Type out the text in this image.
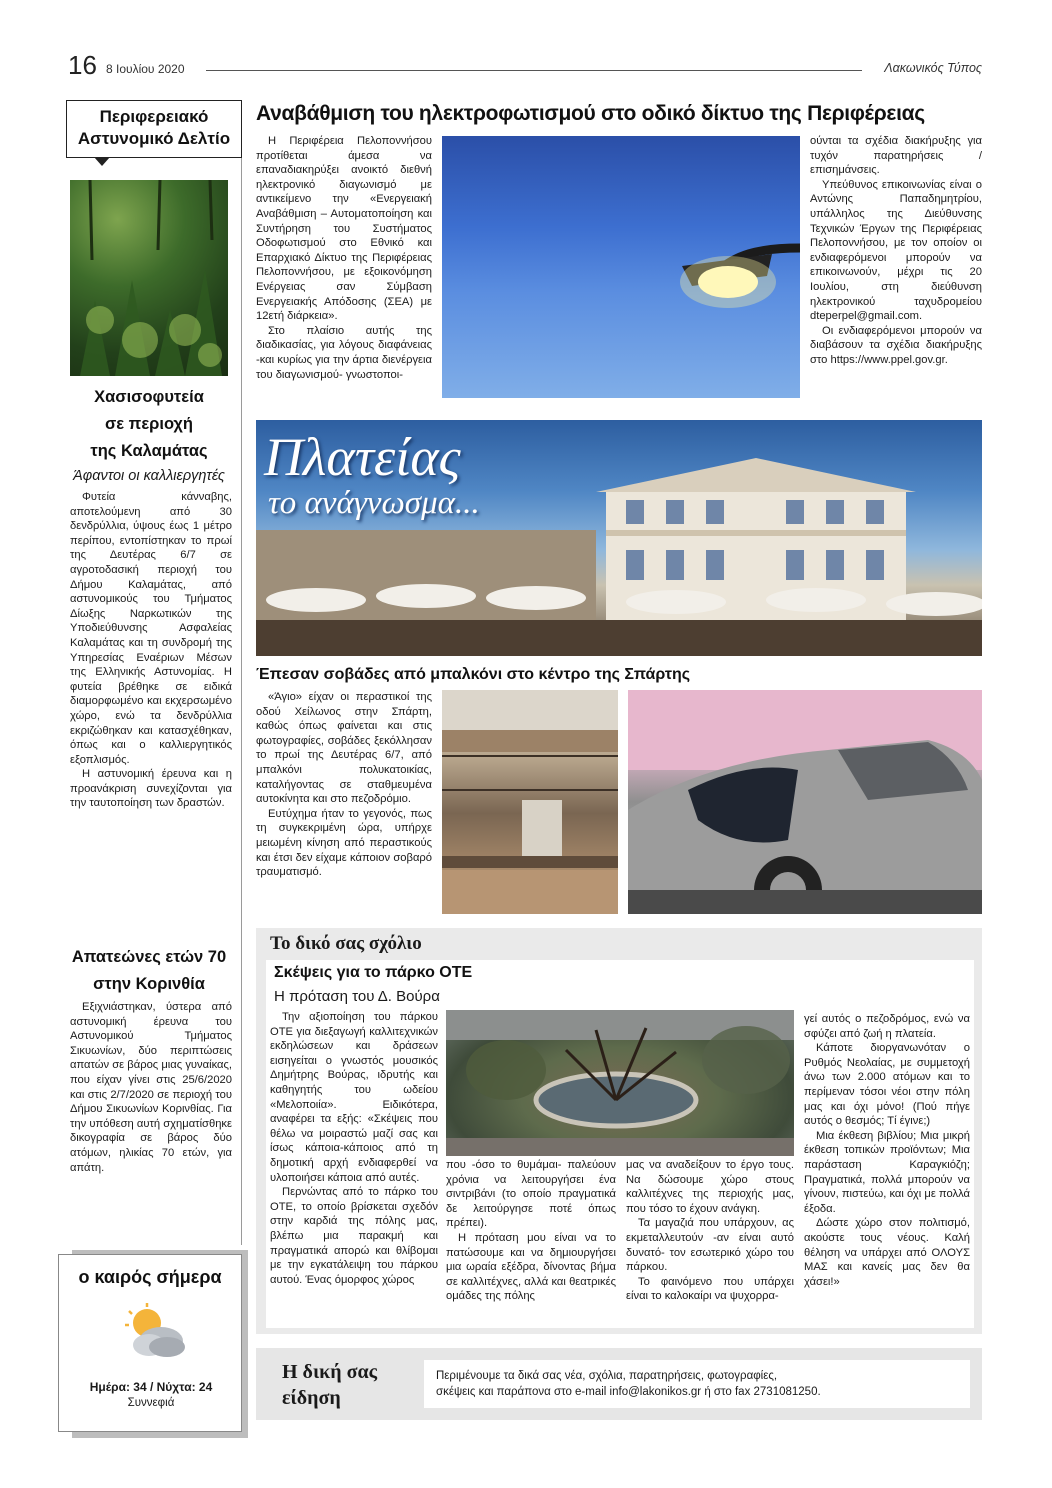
16 8 Ιουλίου 2020	Λακωνικός Τύπος
Περιφερειακό
Αστυνομικό Δελτίο
Χασισοφυτεία
σε περιοχή
της Καλαμάτας
Άφαντοι οι καλλιεργητές

Φυτεία κάνναβης, αποτελούμενη από 30 δενδρύλλια, ύψους έως 1 μέτρο περίπου, εντοπίστηκαν το πρωί της Δευτέρας 6/7 σε αγροτοδασική περιοχή του Δήμου Καλαμάτας, από αστυνομικούς του Τμήματος Δίωξης Ναρκωτικών της Υποδιεύθυνσης Ασφαλείας Καλαμάτας και τη συνδρομή της Υπηρεσίας Εναέριων Μέσων της Ελληνικής Αστυνομίας. Η φυτεία βρέθηκε σε ειδικά διαμορφωμένο και εκχερσωμένο χώρο, ενώ τα δενδρύλλια εκριζώθηκαν και κατασχέθηκαν, όπως και ο καλλιεργητικός εξοπλισμός.

Η αστυνομική έρευνα και η προανάκριση συνεχίζονται για την ταυτοποίηση των δραστών.

Απατεώνες ετών 70
στην Κορινθία

Εξιχνιάστηκαν, ύστερα από αστυνομική έρευνα του Αστυνομικού Τμήματος Σικυωνίων, δύο περιπτώσεις απατών σε βάρος μιας γυναίκας, που είχαν γίνει στις 25/6/2020 και στις 2/7/2020 σε περιοχή του Δήμου Σικυωνίων Κορινθίας. Για την υπόθεση αυτή σχηματίσθηκε δικογραφία σε βάρος δύο ατόμων, ηλικίας 70 ετών, για απάτη.

ο καιρός σήμερα
Ημέρα: 34 / Νύχτα: 24
Συννεφιά
Αναβάθμιση του ηλεκτροφωτισμού στο οδικό δίκτυο της Περιφέρειας

Η Περιφέρεια Πελοποννήσου προτίθεται άμεσα να επαναδιακηρύξει ανοικτό διεθνή ηλεκτρονικό διαγωνισμό με αντικείμενο την «Ενεργειακή Αναβάθμιση – Αυτοματοποίηση και Συντήρηση του Συστήματος Οδοφωτισμού στο Εθνικό και Επαρχιακό Δίκτυο της Περιφέρειας Πελοποννήσου, με εξοικονόμηση Ενέργειας σαν Σύμβαση Ενεργειακής Απόδοσης (ΣΕΑ) με 12ετή διάρκεια».

Στο πλαίσιο αυτής της διαδικασίας, για λόγους διαφάνειας -και κυρίως για την άρτια διενέργεια του διαγωνισμού- γνωστοποι-

ούνται τα σχέδια διακήρυξης για τυχόν παρατηρήσεις / επισημάνσεις.

Υπεύθυνος επικοινωνίας είναι ο Αντώνης Παπαδημητρίου, υπάλληλος της Διεύθυνσης Τεχνικών Έργων της Περιφέρειας Πελοποννήσου, με τον οποίον οι ενδιαφερόμενοι μπορούν να επικοινωνούν, μέχρι τις 20 Ιουλίου, στη διεύθυνση ηλεκτρονικού ταχυδρομείου dteperpel@gmail.com.

Οι ενδιαφερόμενοι μπορούν να διαβάσουν τα σχέδια διακήρυξης στο https://www.ppel.gov.gr.

Πλατείας
το ανάγνωσμα...
Έπεσαν σοβάδες από μπαλκόνι στο κέντρο της Σπάρτης

«Άγιο» είχαν οι περαστικοί της οδού Χείλωνος στην Σπάρτη, καθώς όπως φαίνεται και στις φωτογραφίες, σοβάδες ξεκόλλησαν το πρωί της Δευτέρας 6/7, από μπαλκόνι πολυκατοικίας, καταλήγοντας σε σταθμευμένα αυτοκίνητα και στο πεζοδρόμιο.

Ευτύχημα ήταν το γεγονός, πως τη συγκεκριμένη ώρα, υπήρχε μειωμένη κίνηση από περαστικούς και έτσι δεν είχαμε κάποιον σοβαρό τραυματισμό.

Το δικό σας σχόλιο
Σκέψεις για το πάρκο ΟΤΕ
Η πρόταση του Δ. Βούρα

Την αξιοποίηση του πάρκου ΟΤΕ για διεξαγωγή καλλιτεχνικών εκδηλώσεων και δράσεων εισηγείται ο γνωστός μουσικός Δημήτρης Βούρας, ιδρυτής και καθηγητής του ωδείου «Μελοποιία». Ειδικότερα, αναφέρει τα εξής: «Σκέψεις που θέλω να μοιραστώ μαζί σας και ίσως κάποια-κάποιος από τη δημοτική αρχή ενδιαφερθεί να υλοποιήσει κάποια από αυτές.

Περνώντας από το πάρκο του ΟΤΕ, το οποίο βρίσκεται σχεδόν στην καρδιά της πόλης μας, βλέπω μια παρακμή και πραγματικά απορώ και θλίβομαι με την εγκατάλειψη του πάρκου αυτού. Ένας όμορφος χώρος

που -όσο το θυμάμαι- παλεύουν χρόνια να λειτουργήσει ένα σιντριβάνι (το οποίο πραγματικά δε λειτούργησε ποτέ όπως πρέπει).

Η πρόταση μου είναι να το πατώσουμε και να δημιουργήσει μια ωραία εξέδρα, δίνοντας βήμα σε καλλιτέχνες, αλλά και θεατρικές ομάδες της πόλης

μας να αναδείξουν το έργο τους. Να δώσουμε χώρο στους καλλιτέχνες της περιοχής μας, που τόσο το έχουν ανάγκη.

Τα μαγαζιά που υπάρχουν, ας εκμεταλλευτούν -αν είναι αυτό δυνατό- τον εσωτερικό χώρο του πάρκου.

Το φαινόμενο που υπάρχει είναι το καλοκαίρι να ψυχορρα-

γεί αυτός ο πεζοδρόμος, ενώ να σφύζει από ζωή η πλατεία.

Κάποτε διοργανωνόταν ο Ρυθμός Νεολαίας, με συμμετοχή άνω των 2.000 ατόμων και το περίμεναν τόσοι νέοι στην πόλη μας και όχι μόνο! (Πού πήγε αυτός ο θεσμός; Τί έγινε;)

Μια έκθεση βιβλίου; Μια μικρή έκθεση τοπικών προϊόντων; Μια παράσταση Καραγκιόζη; Πραγματικά, πολλά μπορούν να γίνουν, πιστεύω, και όχι με πολλά έξοδα.

Δώστε χώρο στον πολιτισμό, ακούστε τους νέους. Καλή θέληση να υπάρχει από ΟΛΟΥΣ ΜΑΣ και κανείς μας δεν θα χάσει!»

Η δική σας
είδηση
Περιμένουμε τα δικά σας νέα, σχόλια, παρατηρήσεις, φωτογραφίες,
σκέψεις και παράπονα στο e-mail info@lakonikos.gr ή στο fax 2731081250.
